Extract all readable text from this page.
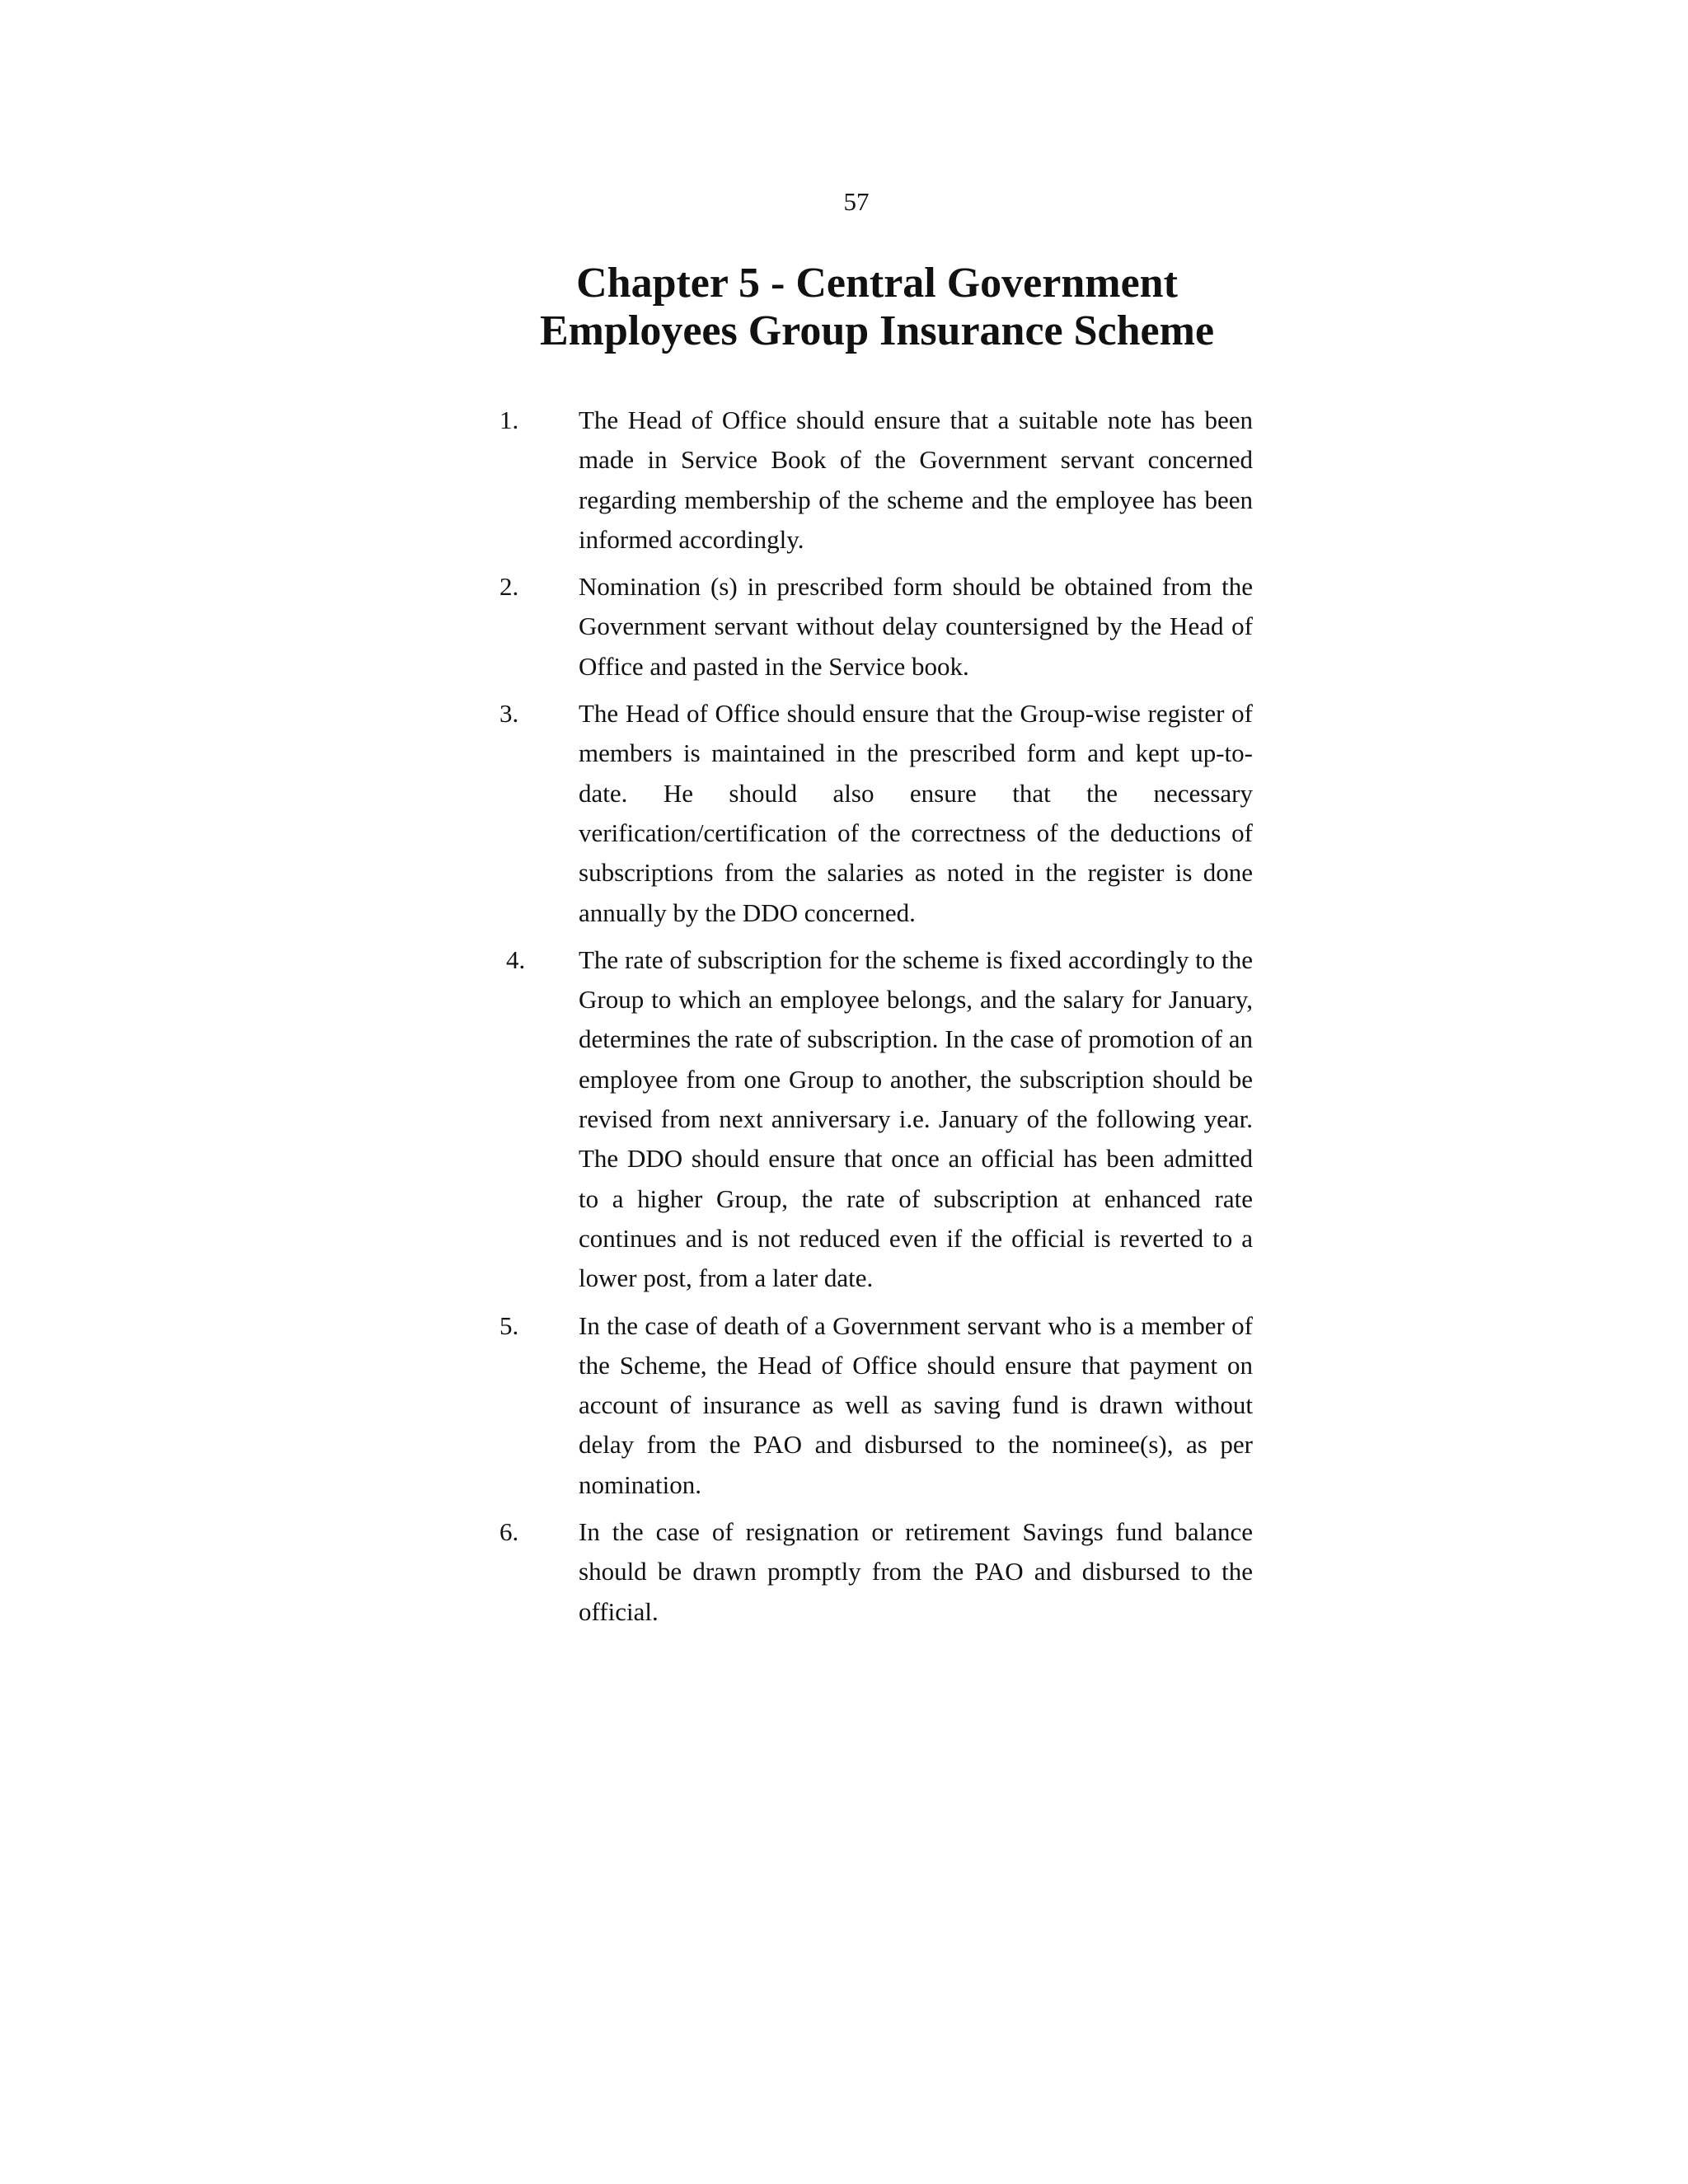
57
Chapter 5 - Central Government
Employees Group Insurance Scheme
1. The Head of Office should ensure that a suitable note has been made in Service Book of the Government servant concerned regarding membership of the scheme and the employee has been informed accordingly.
2. Nomination (s) in prescribed form should be obtained from the Government servant without delay countersigned by the Head of Office and pasted in the Service book.
3. The Head of Office should ensure that the Group-wise register of members is maintained in the prescribed form and kept up-to-date. He should also ensure that the necessary verification/certification of the correctness of the deductions of subscriptions from the salaries as noted in the register is done annually by the DDO concerned.
4. The rate of subscription for the scheme is fixed accordingly to the Group to which an employee belongs, and the salary for January, determines the rate of subscription. In the case of promotion of an employee from one Group to another, the subscription should be revised from next anniversary i.e. January of the following year. The DDO should ensure that once an official has been admitted to a higher Group, the rate of subscription at enhanced rate continues and is not reduced even if the official is reverted to a lower post, from a later date.
5. In the case of death of a Government servant who is a member of the Scheme, the Head of Office should ensure that payment on account of insurance as well as saving fund is drawn without delay from the PAO and disbursed to the nominee(s), as per nomination.
6. In the case of resignation or retirement Savings fund balance should be drawn promptly from the PAO and disbursed to the official.
